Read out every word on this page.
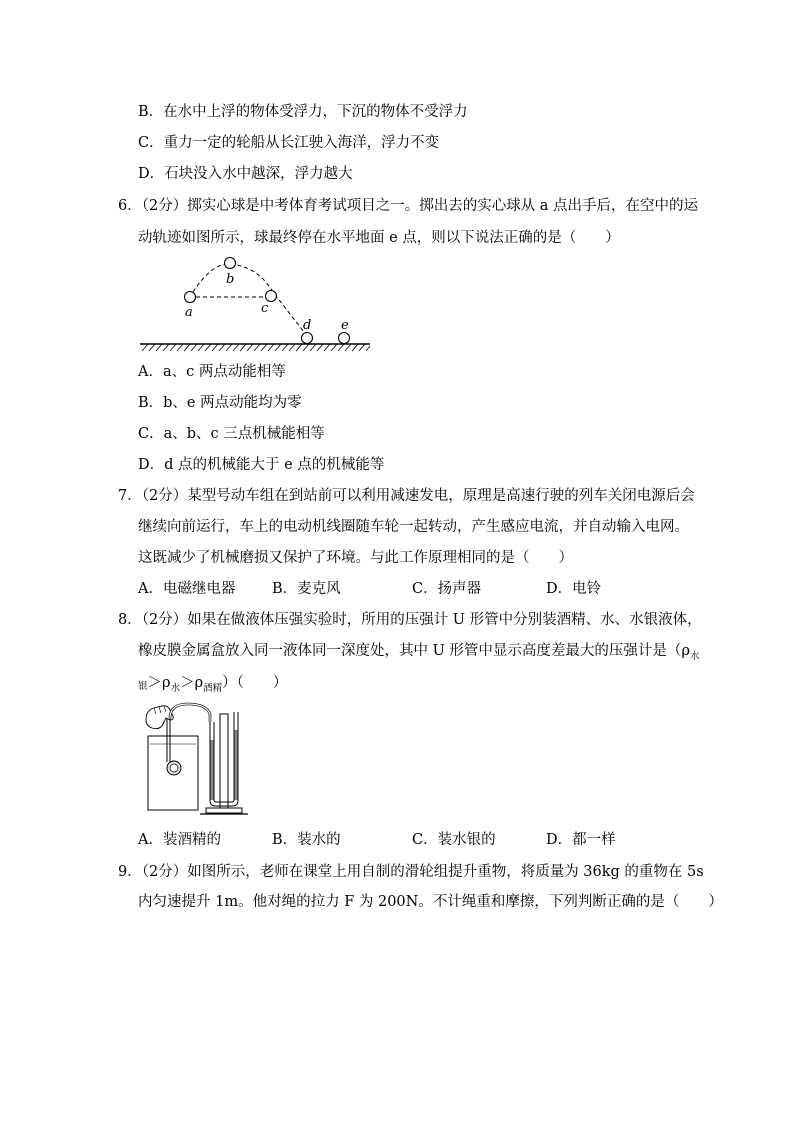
B．在水中上浮的物体受浮力，下沉的物体不受浮力
C．重力一定的轮船从长江驶入海洋，浮力不变
D．石块没入水中越深，浮力越大
6．（2分）掷实心球是中考体育考试项目之一。掷出去的实心球从 a 点出手后，在空中的运
动轨迹如图所示，球最终停在水平地面 e 点，则以下说法正确的是（　　）
a
b
c
d e
A．a、c 两点动能相等
B．b、e 两点动能均为零
C．a、b、c 三点机械能相等
D．d 点的机械能大于 e 点的机械能等
7．（2分）某型号动车组在到站前可以利用减速发电，原理是高速行驶的列车关闭电源后会
继续向前运行，车上的电动机线圈随车轮一起转动，产生感应电流，并自动输入电网。
这既减少了机械磨损又保护了环境。与此工作原理相同的是（　　）
A．电磁继电器	B．麦克风	C．扬声器	D．电铃
8．（2分）如果在做液体压强实验时，所用的压强计 U 形管中分别装酒精、水、水银液体，
橡皮膜金属盒放入同一液体同一深度处，其中 U 形管中显示高度差最大的压强计是（$\rho_水$
银$>\rho_水>\rho_{酒精}$）（　　）
A．装酒精的	B．装水的	C．装水银的	D．都一样
9．（2分）如图所示，老师在课堂上用自制的滑轮组提升重物，将质量为 36kg 的重物在 5s
内匀速提升 1m。他对绳的拉力 F 为 200N。不计绳重和摩擦，下列判断正确的是（　　）
